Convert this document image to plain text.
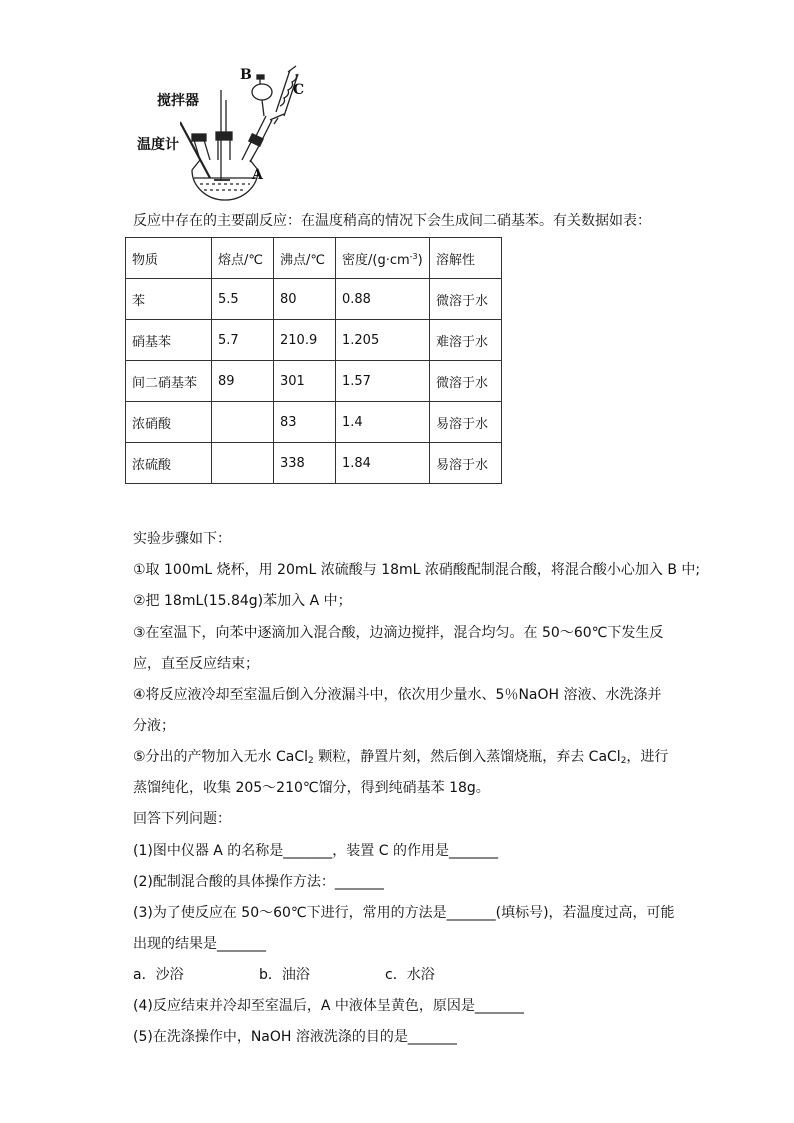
B
C
搅拌器
温度计
A
反应中存在的主要副反应：在温度稍高的情况下会生成间二硝基苯。有关数据如表：
物质	熔点/℃	沸点/℃	密度$/(g\cdot cm^{-3})$	溶解性
苯	5.5	80	0.88	微溶于水
硝基苯	5.7	210.9	1.205	难溶于水
间二硝基苯	89	301	1.57	微溶于水
浓硝酸		83	1.4	易溶于水
浓硫酸		338	1.84	易溶于水
实验步骤如下：
①取 100mL 烧杯，用 20mL 浓硫酸与 18mL 浓硝酸配制混合酸，将混合酸小心加入 B 中;
②把 18mL(15.84g)苯加入 A 中；
③在室温下，向苯中逐滴加入混合酸，边滴边搅拌，混合均匀。在 50～60℃下发生反
应，直至反应结束；
④将反应液冷却至室温后倒入分液漏斗中，依次用少量水、5％NaOH 溶液、水洗涤并
分液；
⑤分出的产物加入无水 CaCl$_2$ 颗粒，静置片刻，然后倒入蒸馏烧瓶，弃去 CaCl$_2$，进行
蒸馏纯化，收集 205～210℃馏分，得到纯硝基苯 18g。
回答下列问题：
(1)图中仪器 A 的名称是_______，装置 C 的作用是_______
(2)配制混合酸的具体操作方法：_______
(3)为了使反应在 50～60℃下进行，常用的方法是_______(填标号)，若温度过高，可能
出现的结果是_______
a．沙浴	b．油浴	c．水浴
(4)反应结束并冷却至室温后，A 中液体呈黄色，原因是_______
(5)在洗涤操作中，NaOH 溶液洗涤的目的是_______
